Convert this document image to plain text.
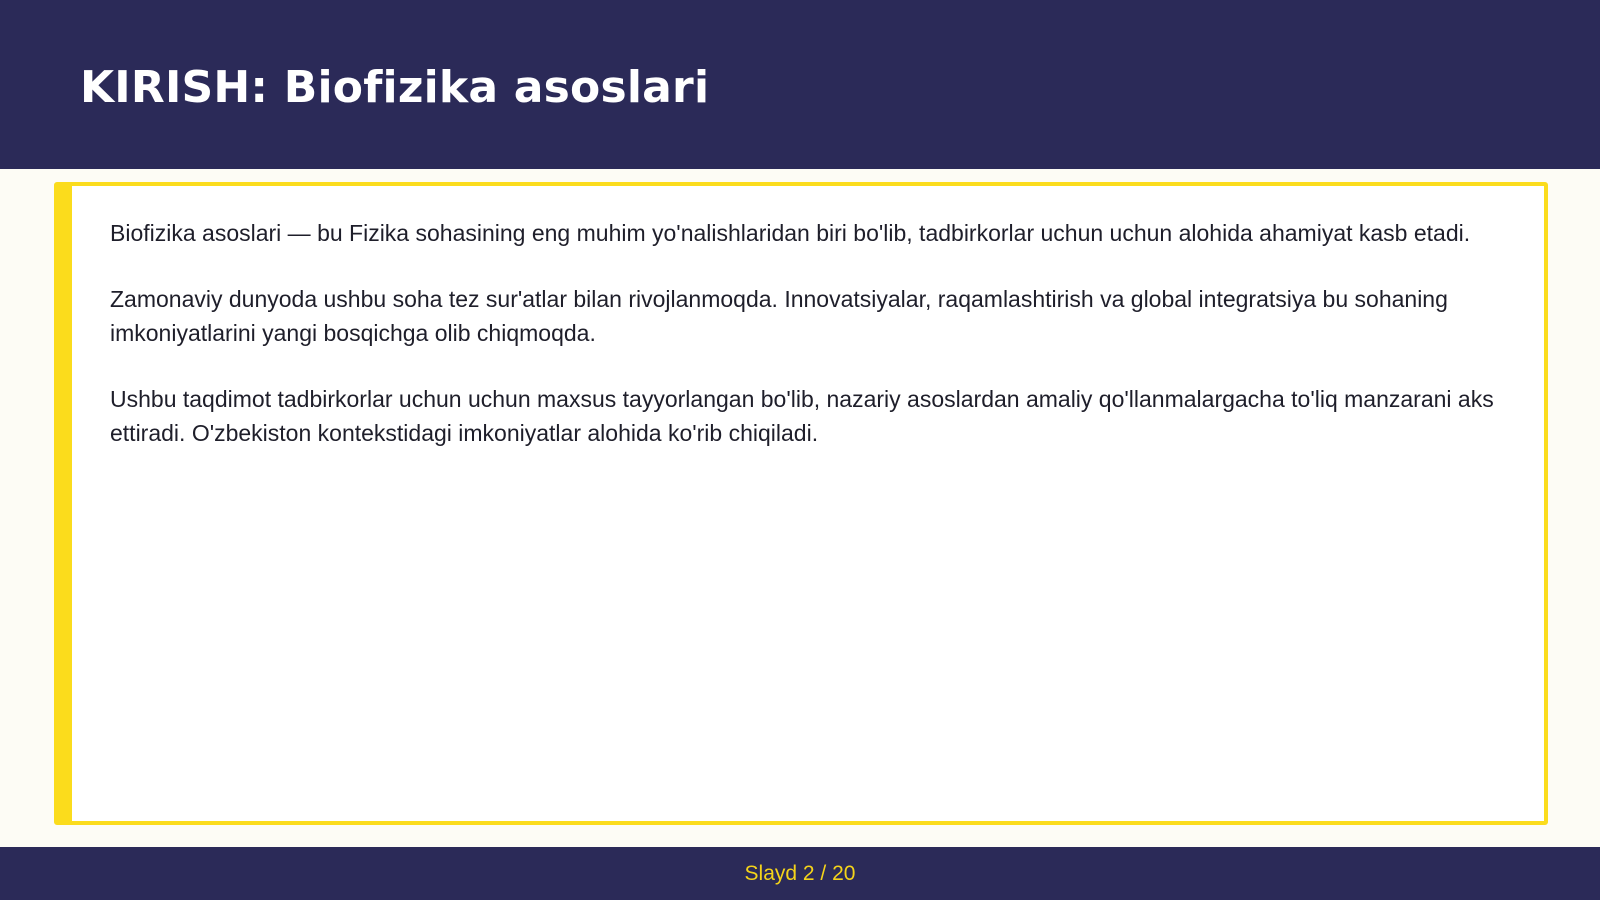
KIRISH: Biofizika asoslari

Biofizika asoslari — bu Fizika sohasining eng muhim yo'nalishlaridan biri bo'lib, tadbirkorlar uchun uchun alohida ahamiyat kasb etadi.

Zamonaviy dunyoda ushbu soha tez sur'atlar bilan rivojlanmoqda. Innovatsiyalar, raqamlashtirish va global integratsiya bu sohaning imkoniyatlarini yangi bosqichga olib chiqmoqda.

Ushbu taqdimot tadbirkorlar uchun uchun maxsus tayyorlangan bo'lib, nazariy asoslardan amaliy qo'llanmalargacha to'liq manzarani aks ettiradi. O'zbekiston kontekstidagi imkoniyatlar alohida ko'rib chiqiladi.

Slayd 2 / 20
